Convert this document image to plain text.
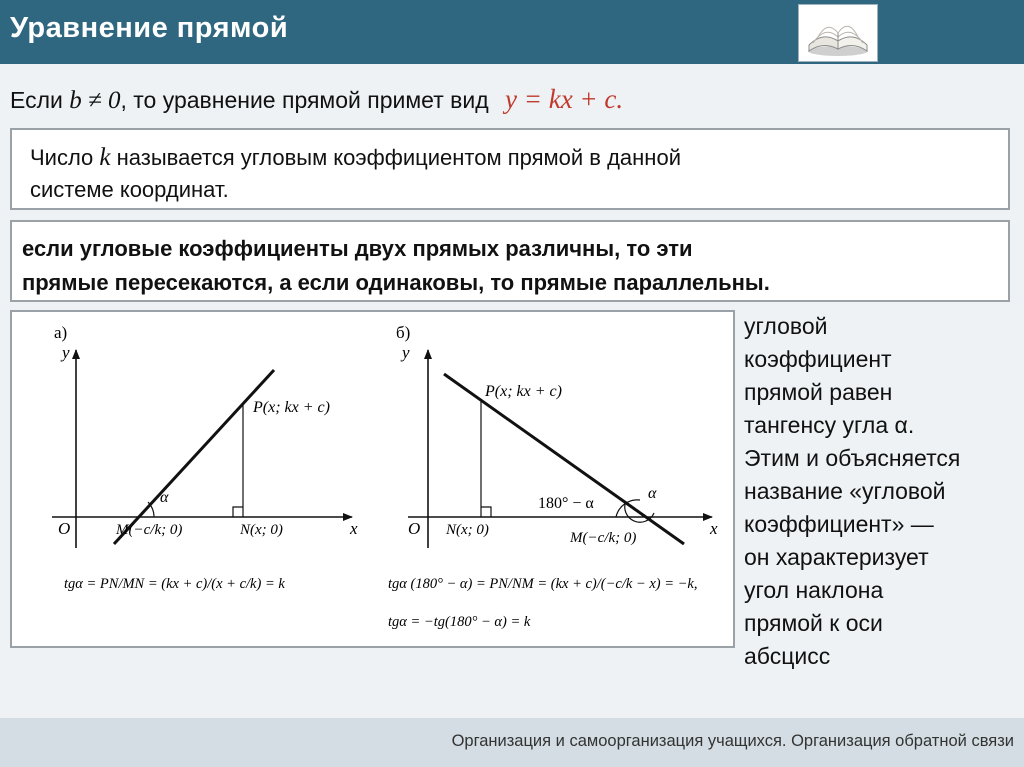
Уравнение прямой
Если b ≠ 0, то уравнение прямой примет вид y = kx + c.
Число k называется угловым коэффициентом прямой в данной
системе координат.
если угловые коэффициенты двух прямых различны, то эти
прямые пересекаются, а если одинаковы, то прямые параллельны.
а)
y
x
O
α
P(x; kx + c)
M(−c/k; 0)	N(x; 0)
tgα = PN/MN = (kx + c)/(x + c/k) = k
б)
y
x
O
α
180° − α
P(x; kx + c)
N(x; 0)	M(−c/k; 0)
tgα (180° − α) = PN/NM = (kx + c)/(−c/k − x) = −k,
tgα = −tg(180° − α) = k
угловой
коэффициент
прямой равен
тангенсу угла α.
Этим и объясняется
название «угловой
коэффициент» —
он характеризует
угол наклона
прямой к оси
абсцисс
Организация и самоорганизация учащихся. Организация обратной связи
